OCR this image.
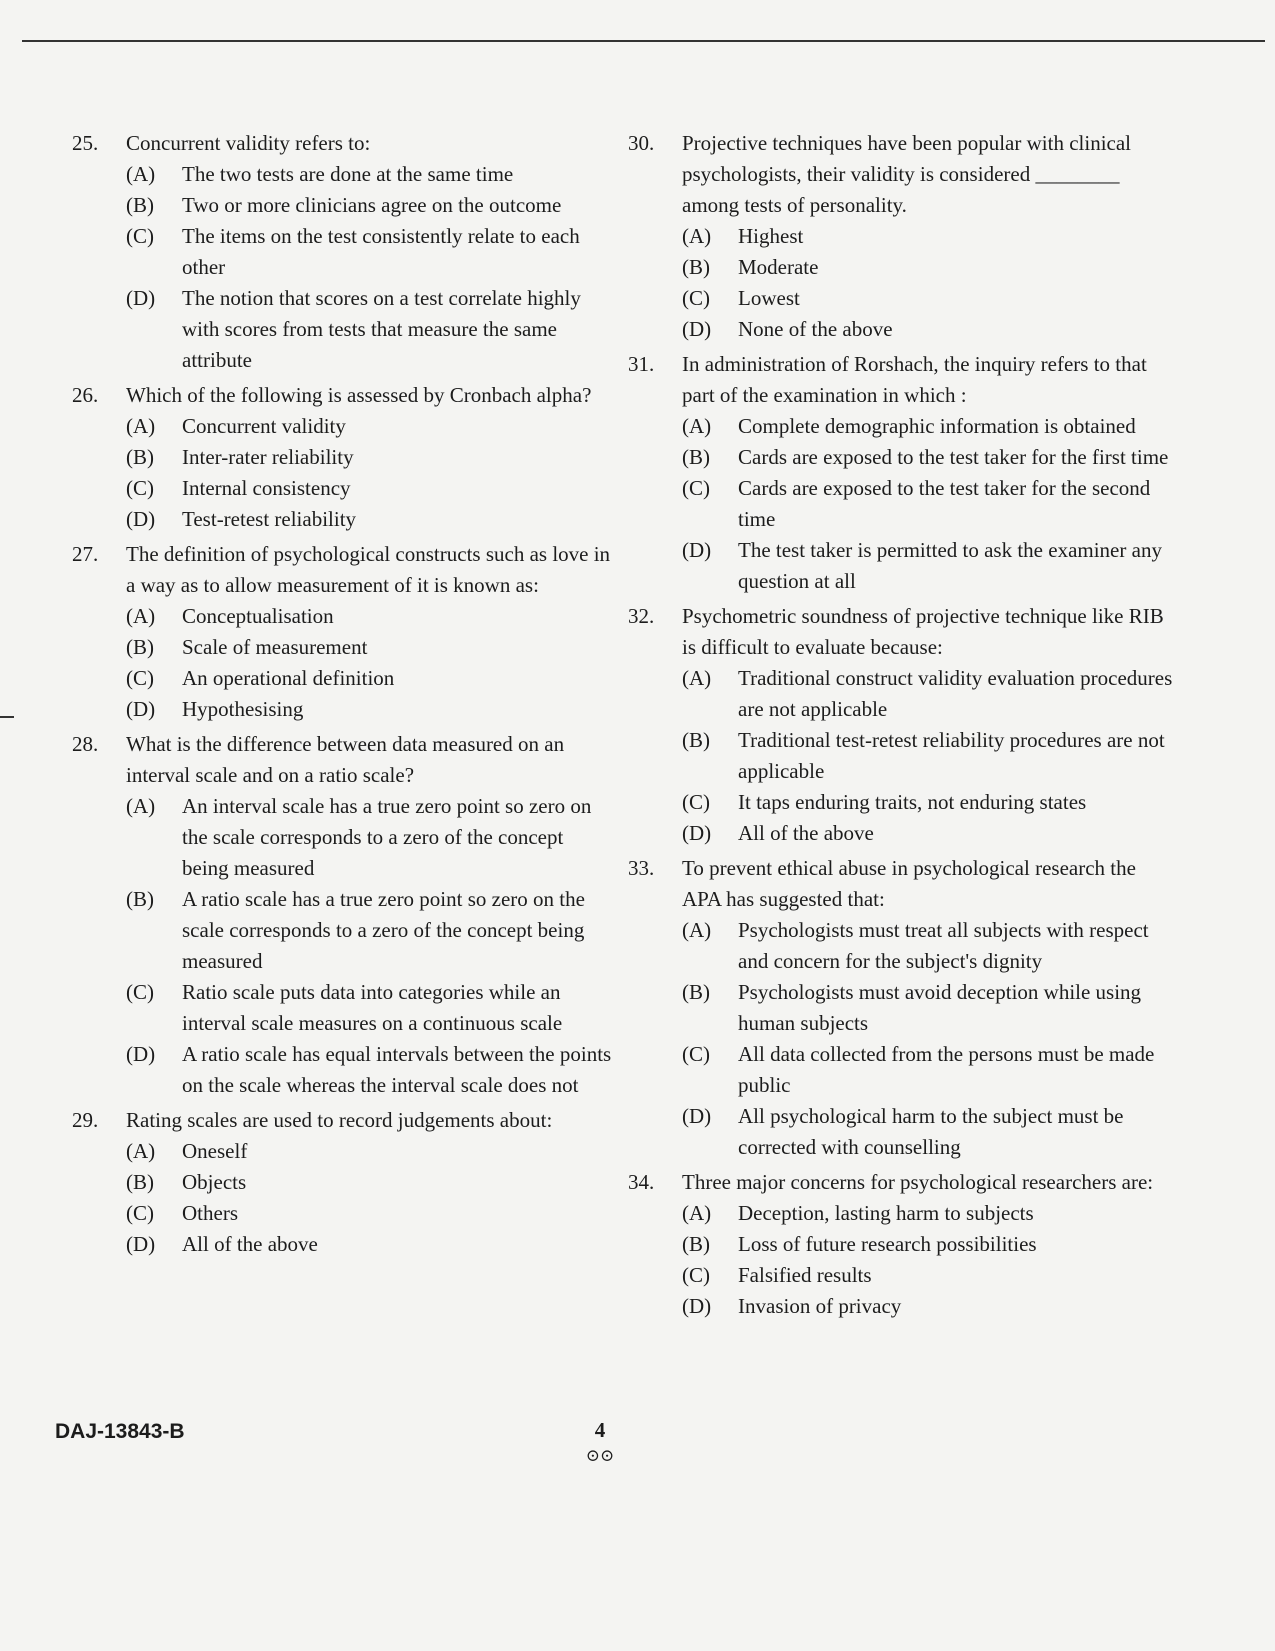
25.	Concurrent validity refers to:
(A)	The two tests are done at the same time
(B)	Two or more clinicians agree on the outcome
(C)	The items on the test consistently relate to each other
(D)	The notion that scores on a test correlate highly with scores from tests that measure the same attribute
26.	Which of the following is assessed by Cronbach alpha?
(A)	Concurrent validity
(B)	Inter-rater reliability
(C)	Internal consistency
(D)	Test-retest reliability
27.	The definition of psychological constructs such as love in a way as to allow measurement of it is known as:
(A)	Conceptualisation
(B)	Scale of measurement
(C)	An operational definition
(D)	Hypothesising
28.	What is the difference between data measured on an interval scale and on a ratio scale?
(A)	An interval scale has a true zero point so zero on the scale corresponds to a zero of the concept being measured
(B)	A ratio scale has a true zero point so zero on the scale corresponds to a zero of the concept being measured
(C)	Ratio scale puts data into categories while an interval scale measures on a continuous scale
(D)	A ratio scale has equal intervals between the points on the scale whereas the interval scale does not
29.	Rating scales are used to record judgements about:
(A)	Oneself
(B)	Objects
(C)	Others
(D)	All of the above
30.	Projective techniques have been popular with clinical psychologists, their validity is considered ________ among tests of personality.
(A)	Highest
(B)	Moderate
(C)	Lowest
(D)	None of the above
31.	In administration of Rorshach, the inquiry refers to that part of the examination in which :
(A)	Complete demographic information is obtained
(B)	Cards are exposed to the test taker for the first time
(C)	Cards are exposed to the test taker for the second time
(D)	The test taker is permitted to ask the examiner any question at all
32.	Psychometric soundness of projective technique like RIB is difficult to evaluate because:
(A)	Traditional construct validity evaluation procedures are not applicable
(B)	Traditional test-retest reliability procedures are not applicable
(C)	It taps enduring traits, not enduring states
(D)	All of the above
33.	To prevent ethical abuse in psychological research the APA has suggested that:
(A)	Psychologists must treat all subjects with respect and concern for the subject's dignity
(B)	Psychologists must avoid deception while using human subjects
(C)	All data collected from the persons must be made public
(D)	All psychological harm to the subject must be corrected with counselling
34.	Three major concerns for psychological researchers are:
(A)	Deception, lasting harm to subjects
(B)	Loss of future research possibilities
(C)	Falsified results
(D)	Invasion of privacy
DAJ-13843-B	4
⊙⊙
